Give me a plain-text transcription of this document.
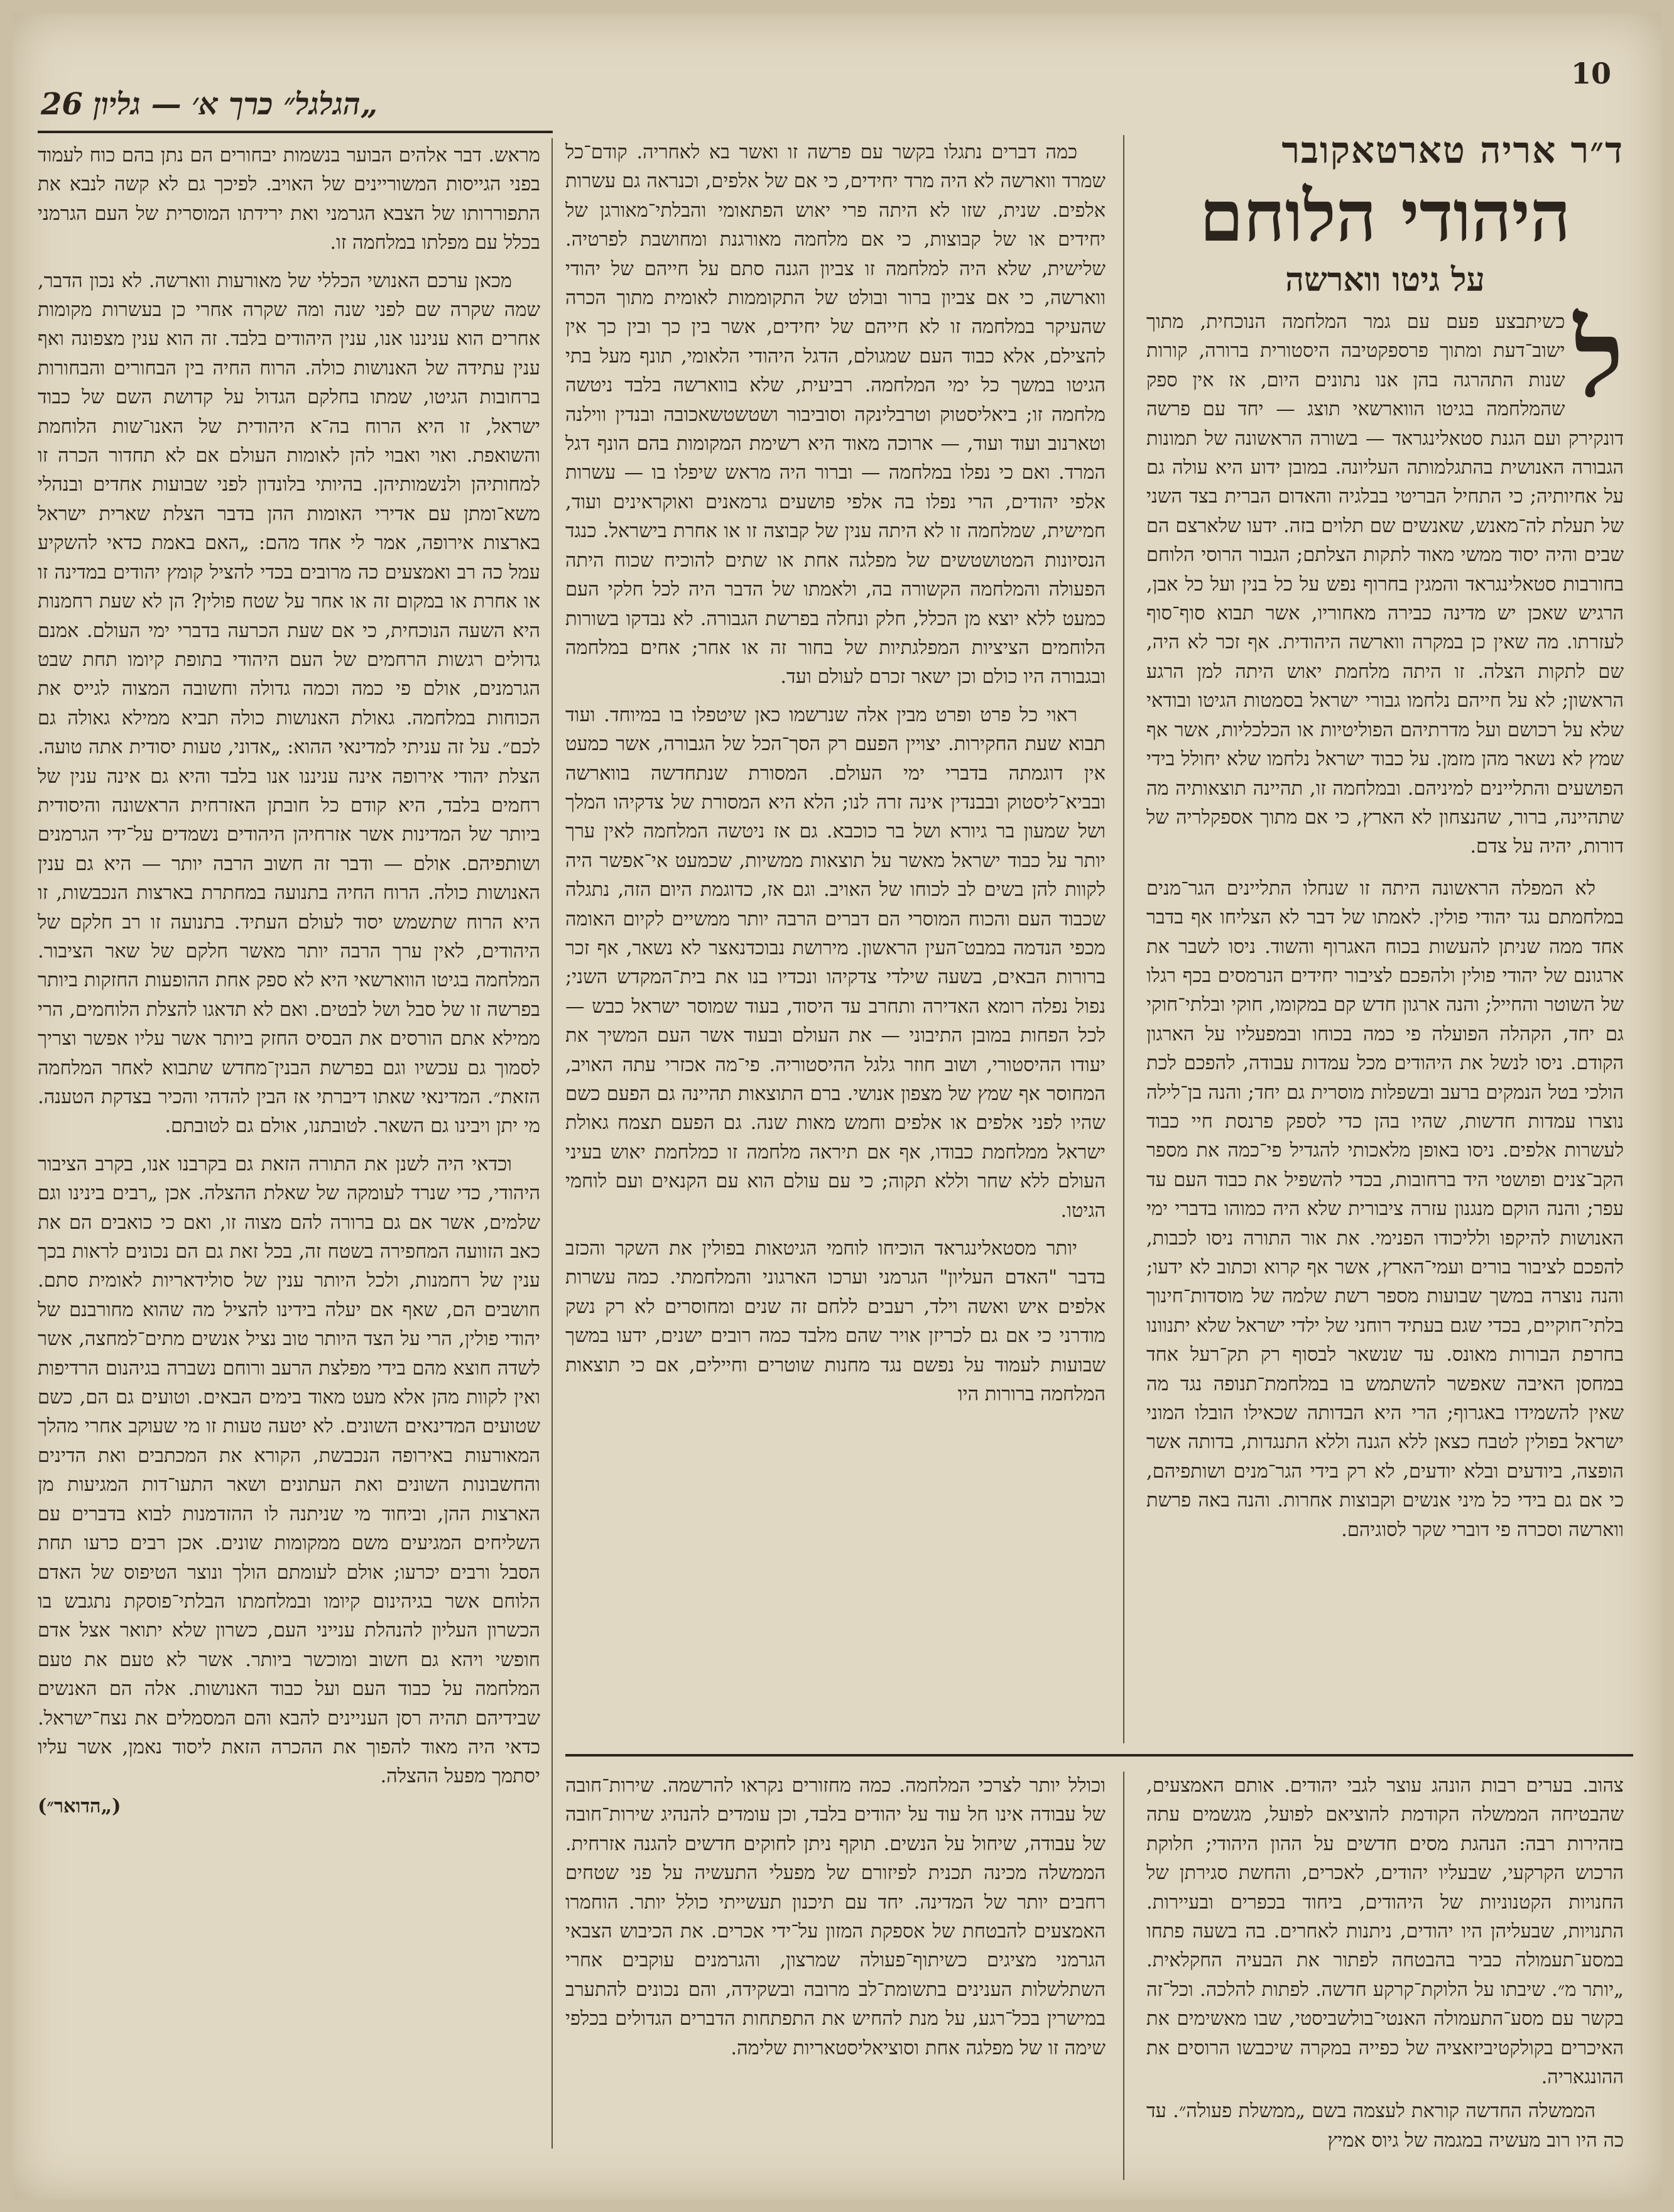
10
„הגלגל״ כרך א׳ — גליון 26
ד״ר אריה טארטאקובר
היהודי הלוחם
על גיטו ווארשה

ל
כשיתבצע פעם עם גמר המלחמה הנוכחית, מתוך ישוב־דעת ומתוך פרספקטיבה היסטורית ברורה, קורות שנות התהרגה בהן אנו נתונים היום, אז אין ספק שהמלחמה בגיטו הווארשאי תוצג — יחד עם פרשה דונקירק ועם הגנת סטאלינגראד — בשורה הראשונה של תמונות הגבורה האנושית בהתגלמותה העליונה. במובן ידוע היא עולה גם על אחיותיה; כי התחיל הבריטי בבלגיה והאדום הברית בצד השני של תעלת לה־מאנש, שאנשים שם תלוים בזה. ידעו שלארצם הם שבים והיה יסוד ממשי מאוד לתקות הצלתם; הגבור הרוסי הלוחם בחורבות סטאלינגראד והמגין בחרוף נפש על כל בנין ועל כל אבן, הרגיש שאכן יש מדינה כבירה מאחוריו, אשר תבוא סוף־סוף לעזרתו. מה שאין כן במקרה ווארשה היהודית. אף זכר לא היה, שם לתקות הצלה. זו היתה מלחמת יאוש היתה למן הרגע הראשון; לא על חייהם נלחמו גבורי ישראל בסמטות הגיטו ובודאי שלא על רכושם ועל מדרתיהם הפוליטיות או הכלכליות, אשר אף שמץ לא נשאר מהן מזמן. על כבוד ישראל נלחמו שלא יחולל בידי הפושעים והתליינים למיניהם. ובמלחמה זו, תהיינה תוצאותיה מה שתהיינה, ברור, שהנצחון לא הארץ, כי אם מתוך אספקלריה של דורות, יהיה על צדם.

לא המפלה הראשונה היתה זו שנחלו התליינים הגר־מנים במלחמתם נגד יהודי פולין. לאמתו של דבר לא הצליחו אף בדבר אחד ממה שניתן להעשות בכוח האגרוף והשוד. ניסו לשבר את ארגונם של יהודי פולין ולהפכם לציבור יחידים הנרמסים בכף רגלו של השוטר והחייל; והנה ארגון חדש קם במקומו, חוקי ובלתי־חוקי גם יחד, הקהלה הפועלה פי כמה בכוחו ובמפעליו על הארגון הקודם. ניסו לנשל את היהודים מכל עמדות עבודה, להפכם לכת הולכי בטל הנמקים ברעב ובשפלות מוסרית גם יחד; והנה בן־לילה נוצרו עמדות חדשות, שהיו בהן כדי לספק פרנסת חיי כבוד לעשרות אלפים. ניסו באופן מלאכותי להגדיל פי־כמה את מספר הקב־צנים ופושטי היד ברחובות, בכדי להשפיל את כבוד העם עד עפר; והנה הוקם מנגנון עזרה ציבורית שלא היה כמוהו בדברי ימי האנושות להיקפו ולליכודו הפנימי. את אור התורה ניסו לכבות, להפכם לציבור בורים ועמי־הארץ, אשר אף קרוא וכתוב לא ידעו; והנה נוצרה במשך שבועות מספר רשת שלמה של מוסדות־חינוך בלתי־חוקיים, בכדי שגם בעתיד רוחני של ילדי ישראל שלא יתנוונו בחרפת הבורות מאונס. עד שנשאר לבסוף רק תק־רעל אחד במחסן האיבה שאפשר להשתמש בו במלחמת־תנופה נגד מה שאין להשמידו באגרוף; הרי היא הבדותה שכאילו הובלו המוני ישראל בפולין לטבח כצאן ללא הגנה וללא התנגדות, בדותה אשר הופצה, ביודעים ובלא יודעים, לא רק בידי הגר־מנים ושותפיהם, כי אם גם בידי כל מיני אנשים וקבוצות אחרות. והנה באה פרשת ווארשה וסכרה פי דוברי שקר לסוגיהם.

כמה דברים נתגלו בקשר עם פרשה זו ואשר בא לאחריה. קודם־כל שמרד ווארשה לא היה מרד יחידים, כי אם של אלפים, וכנראה גם עשרות אלפים. שנית, שזו לא היתה פרי יאוש הפתאומי והבלתי־מאורגן של יחידים או של קבוצות, כי אם מלחמה מאורגנת ומחושבת לפרטיה. שלישית, שלא היה למלחמה זו צביון הגנה סתם על חייהם של יהודי ווארשה, כי אם צביון ברור ובולט של התקוממות לאומית מתוך הכרה שהעיקר במלחמה זו לא חייהם של יחידים, אשר בין כך ובין כך אין להצילם, אלא כבוד העם שמגולם, הדגל היהודי הלאומי, תונף מעל בתי הגיטו במשך כל ימי המלחמה. רביעית, שלא בווארשה בלבד ניטשה מלחמה זו; ביאליסטוק וטרבלינקה וסוביבור ושטשטשאכובה ובנדין ווילנה וטארנוב ועוד ועוד, — ארוכה מאוד היא רשימת המקומות בהם הונף דגל המרד. ואם כי נפלו במלחמה — וברור היה מראש שיפלו בו — עשרות אלפי יהודים, הרי נפלו בה אלפי פושעים גרמאנים ואוקראינים ועוד, חמישית, שמלחמה זו לא היתה ענין של קבוצה זו או אחרת בישראל. כנגד הנסיונות המטושטשים של מפלגה אחת או שתים להוכיח שכוח היתה הפעולה והמלחמה הקשורה בה, ולאמתו של הדבר היה לכל חלקי העם כמעט ללא יוצא מן הכלל, חלק ונחלה בפרשת הגבורה. לא נבדקו בשורות הלוחמים הציציות המפלגתיות של בחור זה או אחר; אחים במלחמה ובגבורה היו כולם וכן ישאר זכרם לעולם ועד.

ראוי כל פרט ופרט מבין אלה שנרשמו כאן שיטפלו בו במיוחד. ועוד תבוא שעת החקירות. יצויין הפעם רק הסך־הכל של הגבורה, אשר כמעט אין דוגמתה בדברי ימי העולם. המסורת שנתחדשה בווארשה ובביא־ליסטוק ובבנדין אינה זרה לנו; הלא היא המסורת של צדקיהו המלך ושל שמעון בר גיורא ושל בר כוכבא. גם אז ניטשה המלחמה לאין ערך יותר על כבוד ישראל מאשר על תוצאות ממשיות, שכמעט אי־אפשר היה לקוות להן בשים לב לכוחו של האויב. וגם אז, כדוגמת היום הזה, נתגלה שכבוד העם והכוח המוסרי הם דברים הרבה יותר ממשיים לקיום האומה מכפי הנדמה במבט־העין הראשון. מירושת נבוכדנאצר לא נשאר, אף זכר ברורות הבאים, בשעה שילדי צדקיהו ונכדיו בנו את בית־המקדש השני; נפול נפלה רומא האדירה ותחרב עד היסוד, בעוד שמוסר ישראל כבש — לכל הפחות במובן התיבוני — את העולם ובעוד אשר העם המשיך את יעודו ההיסטורי, ושוב חוזר גלגל ההיסטוריה. פי־מה אכזרי עתה האויב, המחוסר אף שמץ של מצפון אנושי. ברם התוצאות תהיינה גם הפעם כשם שהיו לפני אלפים או אלפים וחמש מאות שנה. גם הפעם תצמח גאולת ישראל ממלחמת כבודו, אף אם תיראה מלחמה זו כמלחמת יאוש בעיני העולם ללא שחר וללא תקוה; כי עם עולם הוא עם הקנאים ועם לוחמי הגיטו.

יותר מסטאלינגראד הוכיחו לוחמי הגיטאות בפולין את השקר והכזב בדבר "האדם העליון" הגרמני וערכו הארגוני והמלחמתי. כמה עשרות אלפים איש ואשה וילד, רעבים ללחם זה שנים ומחוסרים לא רק נשק מודרני כי אם גם לכריזן אויר שהם מלבד כמה רובים ישנים, ידעו במשך שבועות לעמוד על נפשם נגד מחנות שוטרים וחיילים, אם כי תוצאות המלחמה ברורות היו

מראש. דבר אלהים הבוער בנשמות יבחורים הם נתן בהם כוח לעמוד בפני הגייסות המשוריינים של האויב. לפיכך גם לא קשה לנבא את התפוררותו של הצבא הגרמני ואת ירידתו המוסרית של העם הגרמני בכלל עם מפלתו במלחמה זו.

מכאן ערכם האנושי הכללי של מאורעות ווארשה. לא נכון הדבר, שמה שקרה שם לפני שנה ומה שקרה אחרי כן בעשרות מקומות אחרים הוא עניננו אנו, ענין היהודים בלבד. זה הוא ענין מצפונה ואף ענין עתידה של האנושות כולה. הרוח החיה בין הבחורים והבחורות ברחובות הגיטו, שמתו בחלקם הגדול על קדושת השם של כבוד ישראל, זו היא הרוח בה־א היהודית של האנו־שות הלוחמת והשואפת. ואוי ואבוי להן לאומות העולם אם לא תחדור הכרה זו למחותיהן ולנשמותיהן. בהיותי בלונדון לפני שבועות אחדים ובנהלי משא־ומתן עם אדירי האומות ההן בדבר הצלת שארית ישראל בארצות אירופה, אמר לי אחד מהם: „האם באמת כדאי להשקיע עמל כה רב ואמצעים כה מרובים בכדי להציל קומץ יהודים במדינה זו או אחרת או במקום זה או אחר על שטח פולין? הן לא שעת רחמנות היא השעה הנוכחית, כי אם שעת הכרעה בדברי ימי העולם. אמנם גדולים רגשות הרחמים של העם היהודי בתופת קיומו תחת שבט הגרמנים, אולם פי כמה וכמה גדולה וחשובה המצוה לגייס את הכוחות במלחמה. גאולת האנושות כולה תביא ממילא גאולה גם לכם״. על זה עניתי למדינאי ההוא: „אדוני, טעות יסודית אתה טועה. הצלת יהודי אירופה אינה עניננו אנו בלבד והיא גם אינה ענין של רחמים בלבד, היא קודם כל חובתן האזרחית הראשונה והיסודית ביותר של המדינות אשר אזרחיהן היהודים נשמדים על־ידי הגרמנים ושותפיהם. אולם — ודבר זה חשוב הרבה יותר — היא גם ענין האנושות כולה. הרוח החיה בתנועה במחתרת בארצות הנכבשות, זו היא הרוח שתשמש יסוד לעולם העתיד. בתנועה זו רב חלקם של היהודים, לאין ערך הרבה יותר מאשר חלקם של שאר הציבור. המלחמה בגיטו הווארשאי היא לא ספק אחת ההופעות החזקות ביותר בפרשה זו של סבל ושל לבטים. ואם לא תדאגו להצלת הלוחמים, הרי ממילא אתם הורסים את הבסיס החזק ביותר אשר עליו אפשר וצריך לסמוך גם עכשיו וגם בפרשת הבנין־מחדש שתבוא לאחר המלחמה הזאת״. המדינאי שאתו דיברתי אז הבין להדהי והכיר בצדקת הטענה. מי יתן ויבינו גם השאר. לטובתנו, אולם גם לטובתם.

וכדאי היה לשנן את התורה הזאת גם בקרבנו אנו, בקרב הציבור היהודי, כדי שנרד לעומקה של שאלת ההצלה. אכן „רבים בינינו וגם שלמים, אשר אם גם ברורה להם מצוה זו, ואם כי כואבים הם את כאב הזוועה המחפירה בשטח זה, בכל זאת גם הם נכונים לראות בכך ענין של רחמנות, ולכל היותר ענין של סולידאריות לאומית סתם. חושבים הם, שאף אם יעלה בידינו להציל מה שהוא מחורבנם של יהודי פולין, הרי על הצד היותר טוב נציל אנשים מתים־למחצה, אשר לשדה חוצא מהם בידי מפלצת הרעב ורוחם נשברה בגיהנום הרדיפות ואין לקוות מהן אלא מעט מאוד בימים הבאים. וטועים גם הם, כשם שטועים המדינאים השונים. לא יטעה טעות זו מי שעוקב אחרי מהלך המאורעות באירופה הנכבשת, הקורא את המכתבים ואת הדינים והחשבונות השונים ואת העתונים ושאר התעו־דות המגיעות מן הארצות ההן, וביחוד מי שניתנה לו ההזדמנות לבוא בדברים עם השליחים המגיעים משם ממקומות שונים. אכן רבים כרעו תחת הסבל ורבים יכרעו; אולם לעומתם הולך ונוצר הטיפוס של האדם הלוחם אשר בגיהינום קיומו ובמלחמתו הבלתי־פוסקת נתגבש בו הכשרון העליון להנהלת ענייני העם, כשרון שלא יתואר אצל אדם חופשי ויהא גם חשוב ומוכשר ביותר. אשר לא טעם את טעם המלחמה על כבוד העם ועל כבוד האנושות. אלה הם האנשים שבידיהם תהיה רסן העניינים להבא והם המסמלים את נצח־ישראל. כדאי היה מאוד להפוך את ההכרה הזאת ליסוד נאמן, אשר עליו יסתמך מפעל ההצלה.

(„הדואר״)

צהוב. בערים רבות הונהג עוצר לגבי יהודים. אותם האמצעים, שהבטיחה הממשלה הקודמת להוציאם לפועל, מגשמים עתה בזהירות רבה: הנהגת מסים חדשים על ההון היהודי; חלוקת הרכוש הקרקעי, שבעליו יהודים, לאכרים, והחשת סגירתן של החנויות הקטנוניות של היהודים, ביחוד בכפרים ובעיירות. התנויות, שבעליהן היו יהודים, ניתנות לאחרים. בה בשעה פתחו במסע־תעמולה כביר בהבטחה לפתור את הבעיה החקלאית. „יותר מ״. שיבתו על הלוקת־קרקע חדשה. לפתות להלכה. וכל־זה בקשר עם מסע־התעמולה האנטי־בולשביסטי, שבו מאשימים את האיכרים בקולקטיביזאציה של כפייה במקרה שיכבשו הרוסים את ההונגאריה.

הממשלה החדשה קוראת לעצמה בשם „ממשלת פעולה״. עד כה היו רוב מעשיה במגמה של גיוס אמיץ

וכולל יותר לצרכי המלחמה. כמה מחזורים נקראו להרשמה. שירות־חובה של עבודה אינו חל עוד על יהודים בלבד, וכן עומדים להנהיג שירות־חובה של עבודה, שיחול על הנשים. תוקף ניתן לחוקים חדשים להגנה אזרחית. הממשלה מכינה תכנית לפיזורם של מפעלי התעשיה על פני שטחים רחבים יותר של המדינה. יחד עם תיכנון תעשייתי כולל יותר. הוחמרו האמצעים להבטחת של אספקת המזון על־ידי אכרים. את הכיבוש הצבאי הגרמני מציגים כשיתוף־פעולה שמרצון, והגרמנים עוקבים אחרי השתלשלות הענינים בתשומת־לב מרובה ובשקידה, והם נכונים להתערב במישרין בכל־רגע, על מנת להחיש את התפתחות הדברים הגדולים בכלפי שימה זו של מפלגה אחת וסוציאליסטאריות שלימה.
